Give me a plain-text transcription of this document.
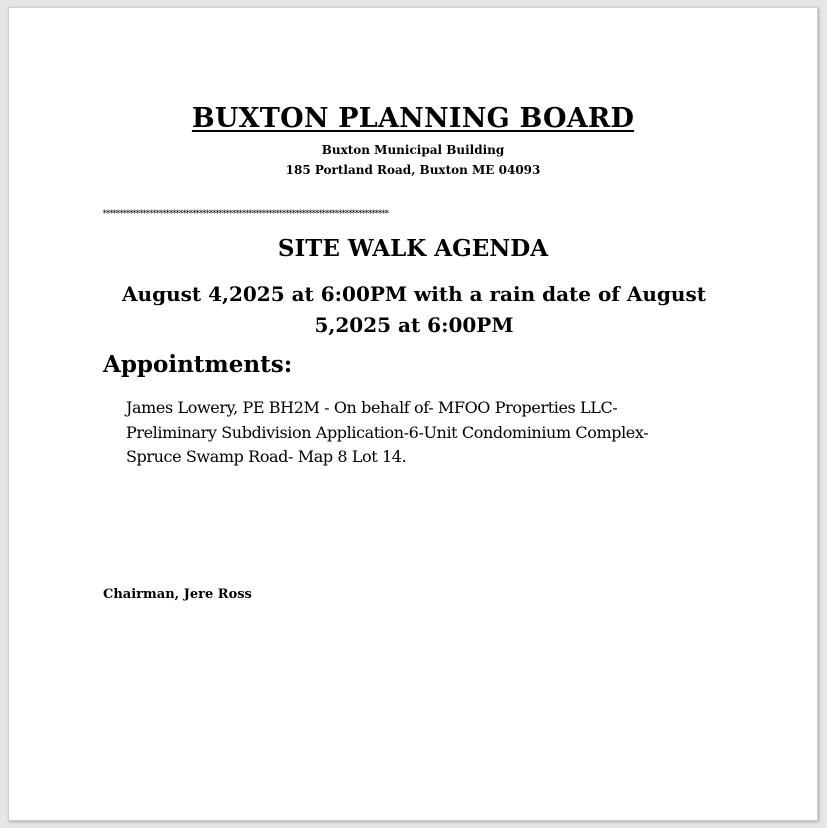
BUXTON PLANNING BOARD
Buxton Municipal Building
185 Portland Road, Buxton ME 04093
**************************************************************************************
SITE WALK AGENDA
August 4,2025 at 6:00PM with a rain date of August
5,2025 at 6:00PM
Appointments:
James Lowery, PE BH2M - On behalf of- MFOO Properties LLC-
Preliminary Subdivision Application-6-Unit Condominium Complex-
Spruce Swamp Road- Map 8 Lot 14.
Chairman, Jere Ross
